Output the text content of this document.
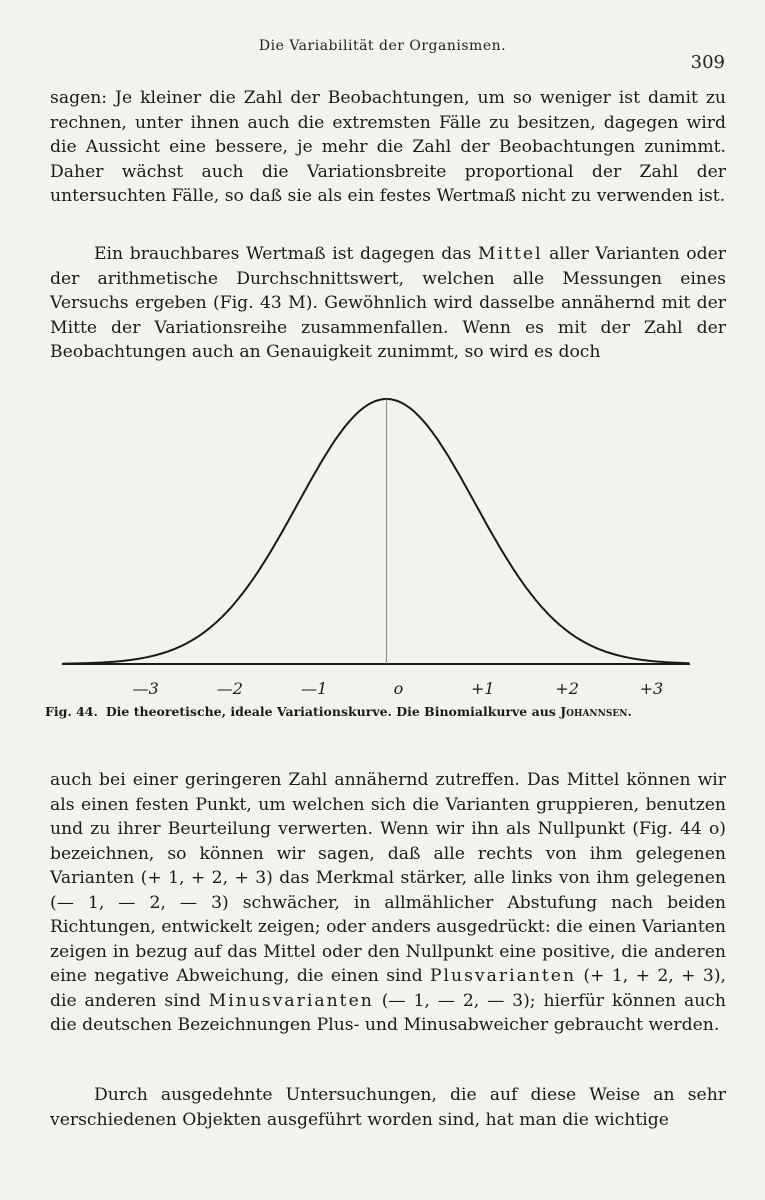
Die Variabilität der Organismen.
309

sagen: Je kleiner die Zahl der Beobachtungen, um so weniger ist damit zu rechnen, unter ihnen auch die extremsten Fälle zu besitzen, dagegen wird die Aussicht eine bessere, je mehr die Zahl der Beobachtungen zunimmt. Daher wächst auch die Variationsbreite proportional der Zahl der untersuchten Fälle, so daß sie als ein festes Wertmaß nicht zu verwenden ist.

Ein brauchbares Wertmaß ist dagegen das Mittel aller Varianten oder der arithmetische Durchschnittswert, welchen alle Messungen eines Versuchs ergeben (Fig. 43 M). Gewöhnlich wird dasselbe annähernd mit der Mitte der Variationsreihe zusammenfallen. Wenn es mit der Zahl der Beobachtungen auch an Genauigkeit zunimmt, so wird es doch

—3	—2	—1	o	+1	+2	+3
Fig. 44. Die theoretische, ideale Variationskurve. Die Binomialkurve aus Johannsen.

auch bei einer geringeren Zahl annähernd zutreffen. Das Mittel können wir als einen festen Punkt, um welchen sich die Varianten gruppieren, benutzen und zu ihrer Beurteilung verwerten. Wenn wir ihn als Nullpunkt (Fig. 44 o) bezeichnen, so können wir sagen, daß alle rechts von ihm gelegenen Varianten (+ 1, + 2, + 3) das Merkmal stärker, alle links von ihm gelegenen (— 1, — 2, — 3) schwächer, in allmählicher Abstufung nach beiden Richtungen, entwickelt zeigen; oder anders ausgedrückt: die einen Varianten zeigen in bezug auf das Mittel oder den Nullpunkt eine positive, die anderen eine negative Abweichung, die einen sind Plusvarianten (+ 1, + 2, + 3), die anderen sind Minusvarianten (— 1, — 2, — 3); hierfür können auch die deutschen Bezeichnungen Plus- und Minusabweicher gebraucht werden.

Durch ausgedehnte Untersuchungen, die auf diese Weise an sehr verschiedenen Objekten ausgeführt worden sind, hat man die wichtige
